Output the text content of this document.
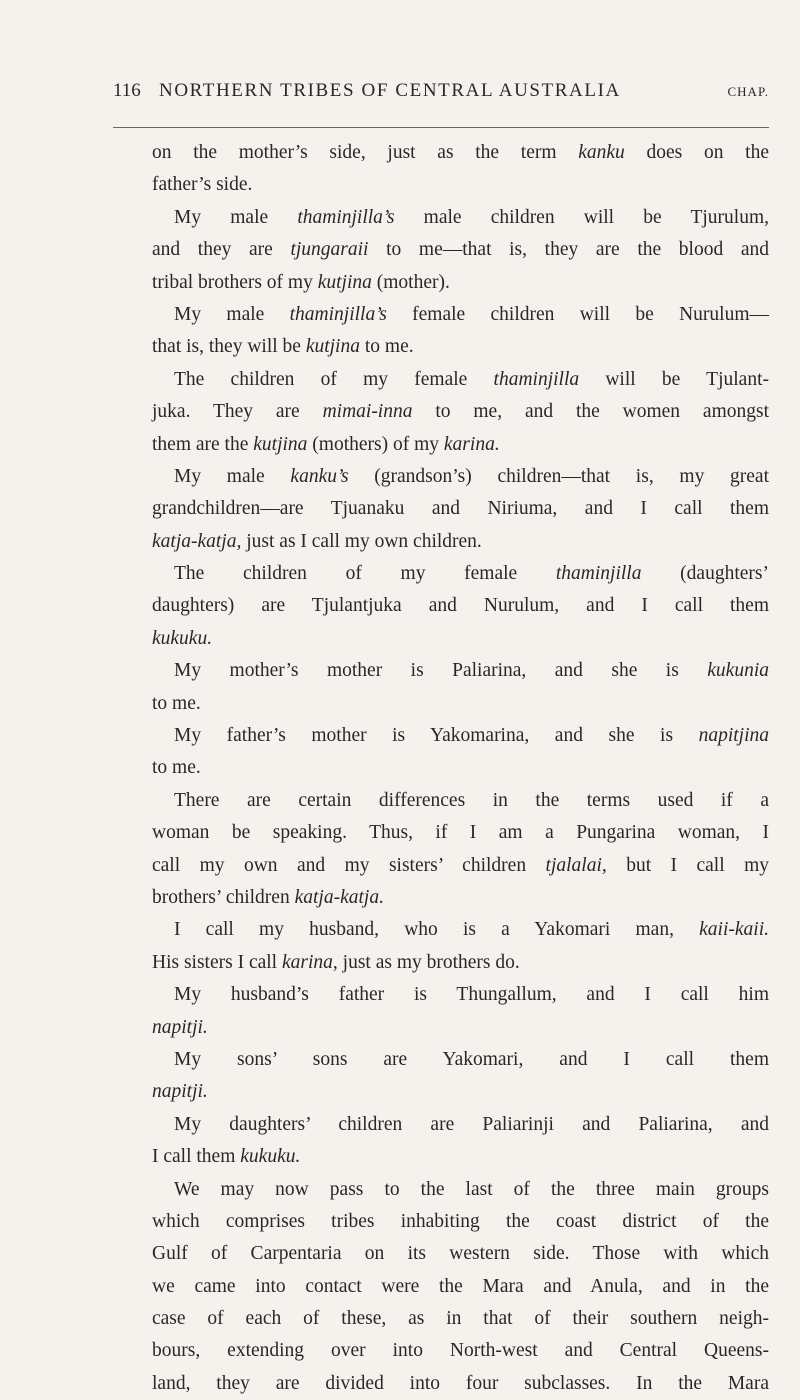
116 NORTHERN TRIBES OF CENTRAL AUSTRALIA	CHAP.
on the mother’s side, just as the term kanku does on the
father’s side.
My male thaminjilla’s male children will be Tjurulum,
and they are tjungaraii to me—that is, they are the blood and
tribal brothers of my kutjina (mother).
My male thaminjilla’s female children will be Nurulum—
that is, they will be kutjina to me.
The children of my female thaminjilla will be Tjulant-
juka. They are mimai-inna to me, and the women amongst
them are the kutjina (mothers) of my karina.
My male kanku’s (grandson’s) children—that is, my great
grandchildren—are Tjuanaku and Niriuma, and I call them
katja-katja, just as I call my own children.
The children of my female thaminjilla (daughters’
daughters) are Tjulantjuka and Nurulum, and I call them
kukuku.
My mother’s mother is Paliarina, and she is kukunia
to me.
My father’s mother is Yakomarina, and she is napitjina
to me.
There are certain differences in the terms used if a
woman be speaking. Thus, if I am a Pungarina woman, I
call my own and my sisters’ children tjalalai, but I call my
brothers’ children katja-katja.
I call my husband, who is a Yakomari man, kaii-kaii.
His sisters I call karina, just as my brothers do.
My husband’s father is Thungallum, and I call him
napitji.
My sons’ sons are Yakomari, and I call them
napitji.
My daughters’ children are Paliarinji and Paliarina, and
I call them kukuku.
We may now pass to the last of the three main groups
which comprises tribes inhabiting the coast district of the
Gulf of Carpentaria on its western side. Those with which
we came into contact were the Mara and Anula, and in the
case of each of these, as in that of their southern neigh-
bours, extending over into North-west and Central Queens-
land, they are divided into four subclasses. In the Mara
